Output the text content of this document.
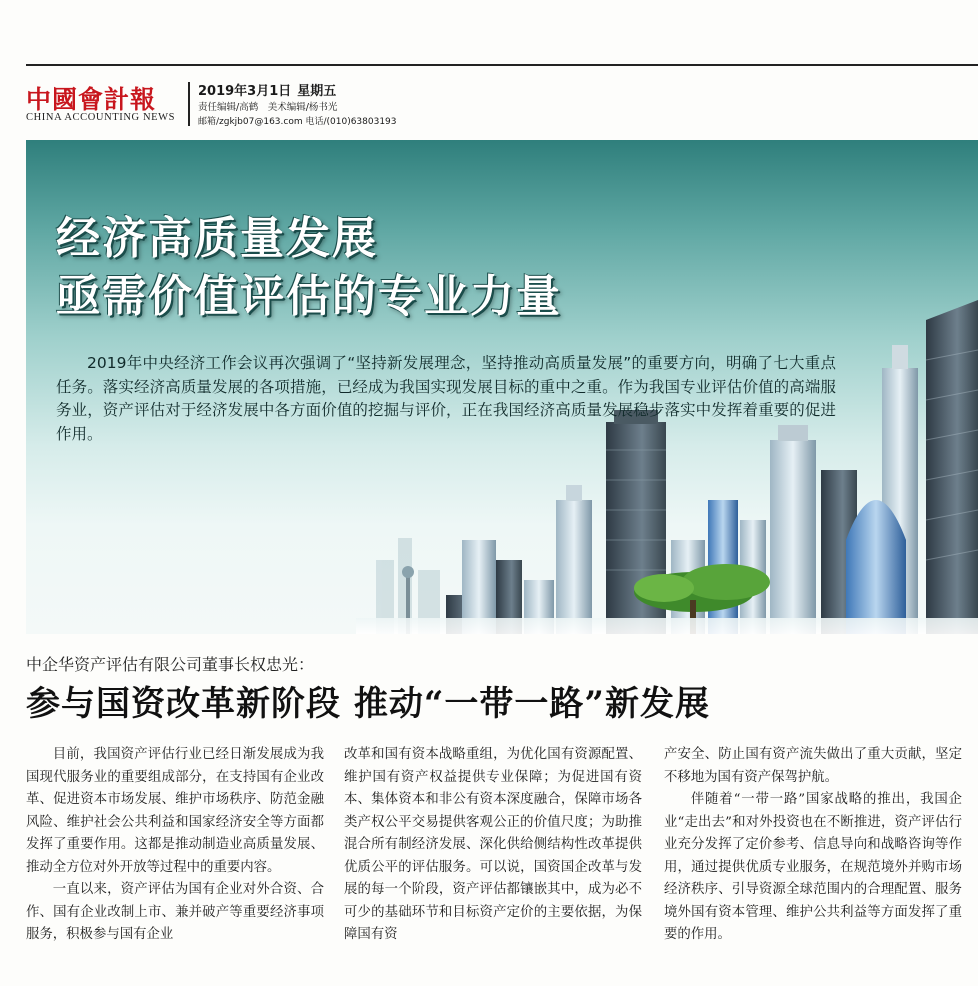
中國會計報
CHINA ACCOUNTING NEWS
2019年3月1日 星期五
责任编辑/高鹤　美术编辑/杨书光
邮箱/zgkjb07@163.com 电话/(010)63803193
经济高质量发展
亟需价值评估的专业力量
2019年中央经济工作会议再次强调了“坚持新发展理念，坚持推动高质量发展”的重要方向，明确了七大重点任务。落实经济高质量发展的各项措施，已经成为我国实现发展目标的重中之重。作为我国专业评估价值的高端服务业，资产评估对于经济发展中各方面价值的挖掘与评价，正在我国经济高质量发展稳步落实中发挥着重要的促进作用。
中企华资产评估有限公司董事长权忠光：
参与国资改革新阶段 推动“一带一路”新发展

目前，我国资产评估行业已经日渐发展成为我国现代服务业的重要组成部分，在支持国有企业改革、促进资本市场发展、维护市场秩序、防范金融风险、维护社会公共利益和国家经济安全等方面都发挥了重要作用。这都是推动制造业高质量发展、推动全方位对外开放等过程中的重要内容。

一直以来，资产评估为国有企业对外合资、合作、国有企业改制上市、兼并破产等重要经济事项服务，积极参与国有企业

改革和国有资本战略重组，为优化国有资源配置、维护国有资产权益提供专业保障；为促进国有资本、集体资本和非公有资本深度融合，保障市场各类产权公平交易提供客观公正的价值尺度；为助推混合所有制经济发展、深化供给侧结构性改革提供优质公平的评估服务。可以说，国资国企改革与发展的每一个阶段，资产评估都镶嵌其中，成为必不可少的基础环节和目标资产定价的主要依据，为保障国有资

产安全、防止国有资产流失做出了重大贡献，坚定不移地为国有资产保驾护航。

伴随着“一带一路”国家战略的推出，我国企业“走出去”和对外投资也在不断推进，资产评估行业充分发挥了定价参考、信息导向和战略咨询等作用，通过提供优质专业服务，在规范境外并购市场经济秩序、引导资源全球范围内的合理配置、服务境外国有资本管理、维护公共利益等方面发挥了重要的作用。
